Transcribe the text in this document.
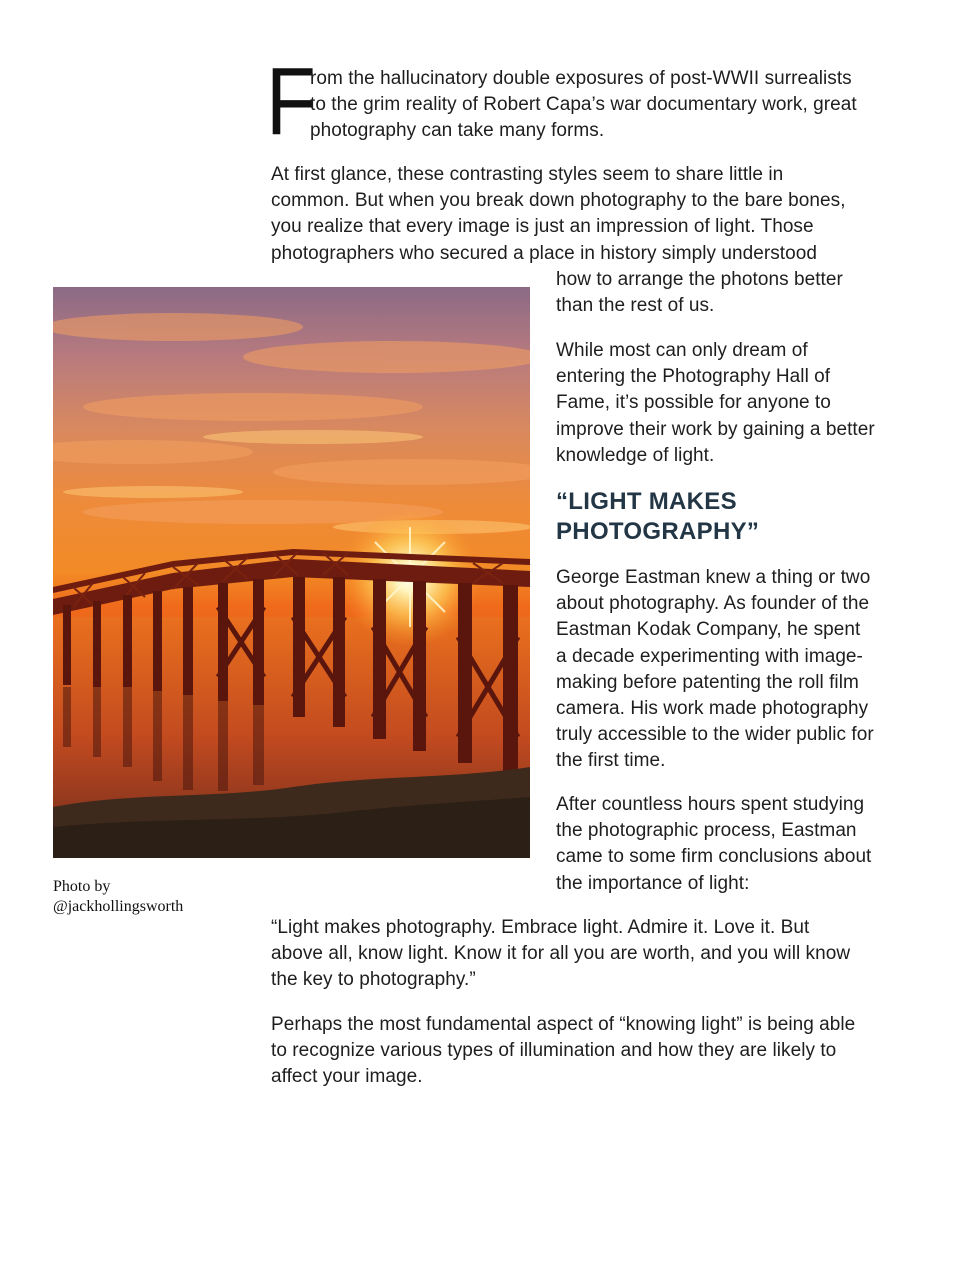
F

rom the hallucinatory double exposures of post-WWII surrealists
to the grim reality of Robert Capa’s war documentary work, great
photography can take many forms.

At first glance, these contrasting styles seem to share little in
common. But when you break down photography to the bare bones,
you realize that every image is just an impression of light. Those
photographers who secured a place in history simply understood

how to arrange the photons better
than the rest of us.

While most can only dream of
entering the Photography Hall of
Fame, it’s possible for anyone to
improve their work by gaining a better
knowledge of light.

“LIGHT MAKES
PHOTOGRAPHY”

George Eastman knew a thing or two
about photography. As founder of the
Eastman Kodak Company, he spent
a decade experimenting with image-
making before patenting the roll film
camera. His work made photography
truly accessible to the wider public for
the first time.

After countless hours spent studying
the photographic process, Eastman
came to some firm conclusions about
the importance of light:

“Light makes photography. Embrace light. Admire it. Love it. But
above all, know light. Know it for all you are worth, and you will know
the key to photography.”

Perhaps the most fundamental aspect of “knowing light” is being able
to recognize various types of illumination and how they are likely to
affect your image.

Photo by
@jackhollingsworth
